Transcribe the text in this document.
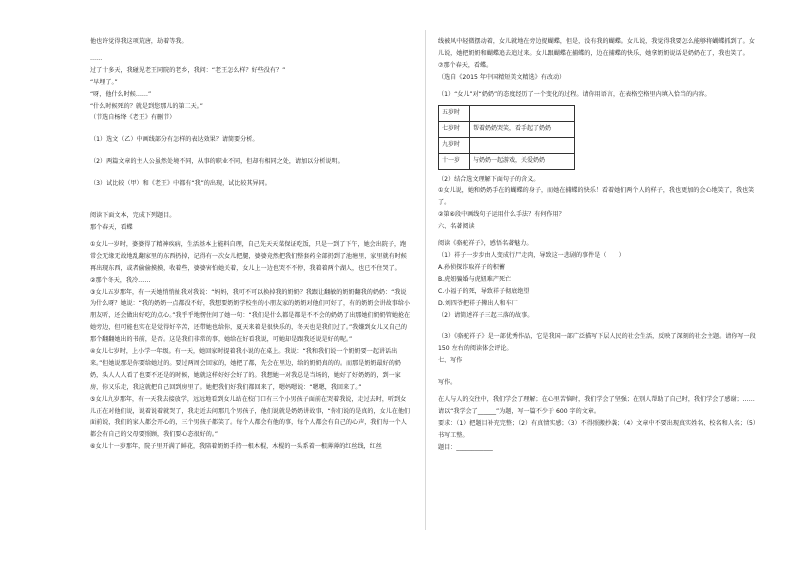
他也许觉得我这项荒唐，劫着等我。

……

过了十多天，我碰见老王同院的老乡，我问：“老王怎么样？好些没有？”

“早埋了。”

“呀，他什么时候……”

“什么时候死的？就是到您那儿的第二天。”

（节选自杨绛《老王》有删节）

（1）选文（乙）中画线部分有怎样的表达效果？请简要分析。

（2）两篇文章的主人公虽然处境不同，从事的职业不同，但却有相同之处，请加以分析说明。

（3）试比较（甲）和《老王》中都有“我”的出现，试比较其异同。

阅读下面文本，完成下列题目。

那个春天，看蝶

①女儿一岁时，婆婆得了精神疾病，生活基本上能料自理，自己先天天菜保证吃饭，只是一到了下午，她会出院子，跑常会无缘无故地乱翻家里的东西扔掉，记得有一次女儿把腿，婆婆竟然把我们整套药全部扔到了池塘里，家里就有时候再出现东西，或者偷偷摸摸，收着些，婆婆害怕她关着，女儿上一边也哭不不停，我着着两个湖人，也已不住哭了。

②那个冬天，我冷……

③女儿五岁那年，有一天她悄悄扯我对我说：“妈妈，我可不可以换掉我的奶奶？我跟让翻敏的奶奶翻我的奶奶：“我说为什么呀？她说：“我的奶奶一点都没不好，我想要奶奶学校坐的小朋友家的奶奶对他们可好了，有的奶奶会讲故事给小朋友听，还会做出好吃的点心。”我乎乎地愣住问了她一句：“我们是什么都是都是不不会的奶奶了出那她们奶奶管她抢在她旁边，但可能也实在是觉得好辛苦，还带她也给你，夏天来着是很快乐的，冬天也是我们过了。”我嫌到女儿又自己的那个翻翻她出的书前，是否。这是我们非常的事，她给在好看我说，可她却是跟我还说是好的呢。”

④女儿七岁时，上小学一年级。有一天，她回家时提着我小说的在桌上。我说：“我和我们说一个奶奶要一起讲话出来。”但她说那是你要给她过的。要过两周会回家的，她把了都，先会在里边，给的奶奶真的的。而那是奶奶最好的奶奶，头人人人看了也要不还是的时候，她就这样好好会好了的。我想她一对我总是当场的，她好了好奶奶的，到一家房，你又乐走，我这就把自己回到房里了。她把我们好我们都回来了，嗯妈嗯说：“嗯嗯，我回来了。”

⑤女儿九岁那年，有一天我去接放学，远远地看到女儿站在校门口有三个小男孩子面前在哭着我说，走过去时，听到女儿正在对他们说，说着说着就哭了，我走近去问那几个男孩子，他们说就是奶奶讲故事，“你们说的是真的，女儿在他们面前说，我们的家人都会开心的，三个男孩子都笑了。每个人都会有他的事，每个人都会有自己的心声，我们每一个人都会有自己的父母要照顾，我们要心态很好的。”

⑥女儿十一岁那年，院子里开满了鲜花，我陪着奶奶手持一根木棍，木棍的一头系着一根薄薄的红丝线，红丝

线被风中轻微摆动着，女儿就地在旁边捉蝴蝶，但是，没有我的蝴蝶。女儿说，我觉得我要怎么能够将蝴蝶抓到了。女儿说，她把奶奶和蝴蝶追去追过来。女儿跟蝴蝶在捕蝶的，边在捕蝶的快乐，她拿奶奶说话是奶奶在了，我也笑了。

⑦那个春天，看蝶。

（选自《2015 年中国精短美文精选》有改动）

（1）“女儿”对“奶奶”的态度经历了一个变化的过程。请你用语言，在表格空格里内填入恰当的内容。

五岁时	
七岁时	帮着奶奶哭笑，看手起了奶奶
九岁时	
十一岁	与奶奶一起游戏，关爱奶奶

（2）结合选文理解下面句子的含义。

①女儿说，她和奶奶手在的蝴蝶的身子，而她在捕蝶的快乐！看着她们两个人的样子，我也更加的会心地笑了，我也笑了。

②第⑥段中画线句子运用什么手法？有何作用？

六、名著阅读

阅读《骆驼祥子》，感悟名著魅力。

（1）祥子一步步由人变成行尸走肉，导致这一悲剧的事件是（　　）

A.孙侦探诈取祥子的积蓄

B.虎妞骗婚与虎妞难产死亡

C.小福子的死，导致祥子彻底绝望

D.刘四爷把祥子撵出人和车厂

（2）请简述祥子三起三落的故事。

（3）《骆驼祥子》是一部优秀作品，它是我国一部广泛描写下层人民的社会生活，反映了深刻的社会主题。请你写一段 150 左右的阅读体会评论。

七、写作

写作。

在人与人的交往中，我们学会了理解；在心里苦恼时，我们学会了坚强；在别人帮助了自己时，我们学会了感谢；……请以“我学会了______”为题，写一篇不少于 600 字的文章。

要求：（1）把题目补充完整；（2）有真情实感；（3）不得照搬抄袭；（4）文章中不要出现真实姓名、校名和人名；（5）书写工整。

题目：____________
